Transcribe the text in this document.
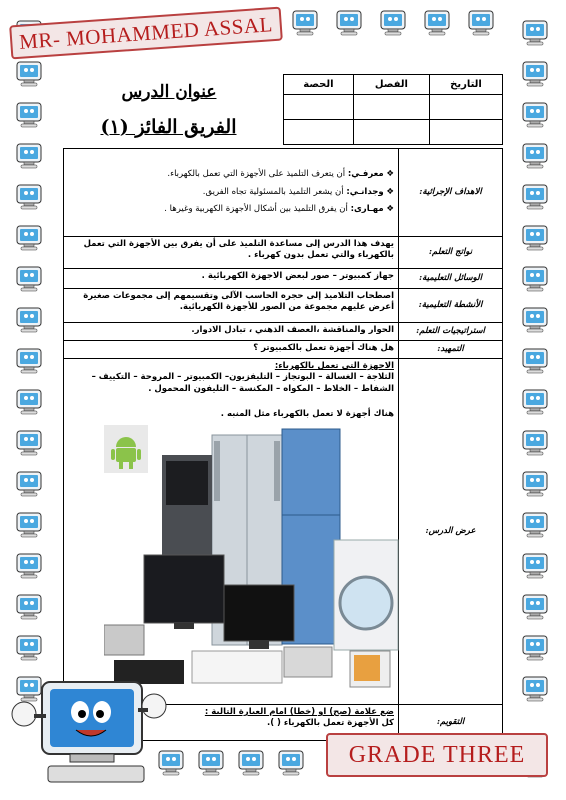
MR- MOHAMMED ASSAL
عنوان الدرس
الفريق الفائز (١)
التاريخ	الفصل	الحصة

الاهداف الإجرائية:	❖ معرفـي: أن يتعرف التلميذ على الأجهزة التي تعمل بالكهرباء.
❖ وجدانـي: أن يشعر التلميذ بالمسئولية تجاه الفريق.
❖ مهـارى: أن يفرق التلميذ بين أشكال الأجهزة الكهربية وغيرها .

نواتج التعلم:	يهدف هذا الدرس إلى مساعدة التلميذ على أن يفرق بين الأجهزة التي تعمل بالكهرباء والتي تعمل بدون كهرباء .
الوسائل التعليمية:	جهاز كمبيوتر – صور لبعض الاجهزة الكهربائية .
الأنشطة التعليمية:	اصطحاب التلاميذ إلى حجره الحاسب الآلى وتقسيمهم إلى مجموعات صغيرة أعرض عليهم مجموعة من الصور للأجهزة الكهربائية.
استراتيجيات التعلم:	الحوار والمناقشة ،العصف الذهني ، تبادل الادوار.
التمهيد:	هل هناك أجهزة تعمل بالكمبيوتر ؟
عرض الدرس:	الاجهزة التى تعمل بالكهرباء:
الثلاجة – الغسالة – البوتجاز – التليفزيون– الكمبيوتر – المروحة – التكييف – الشفاط – الخلاط – المكواه – المكنسة – التليفون المحمول .
هناك أجهزة لا تعمل بالكهرباء مثل المنبه .

التقويم:	ضع علامة (صح) او (خطا) امام العبارة التالية :
كل الأجهزة تعمل بالكهرباء ( ).
GRADE THREE
